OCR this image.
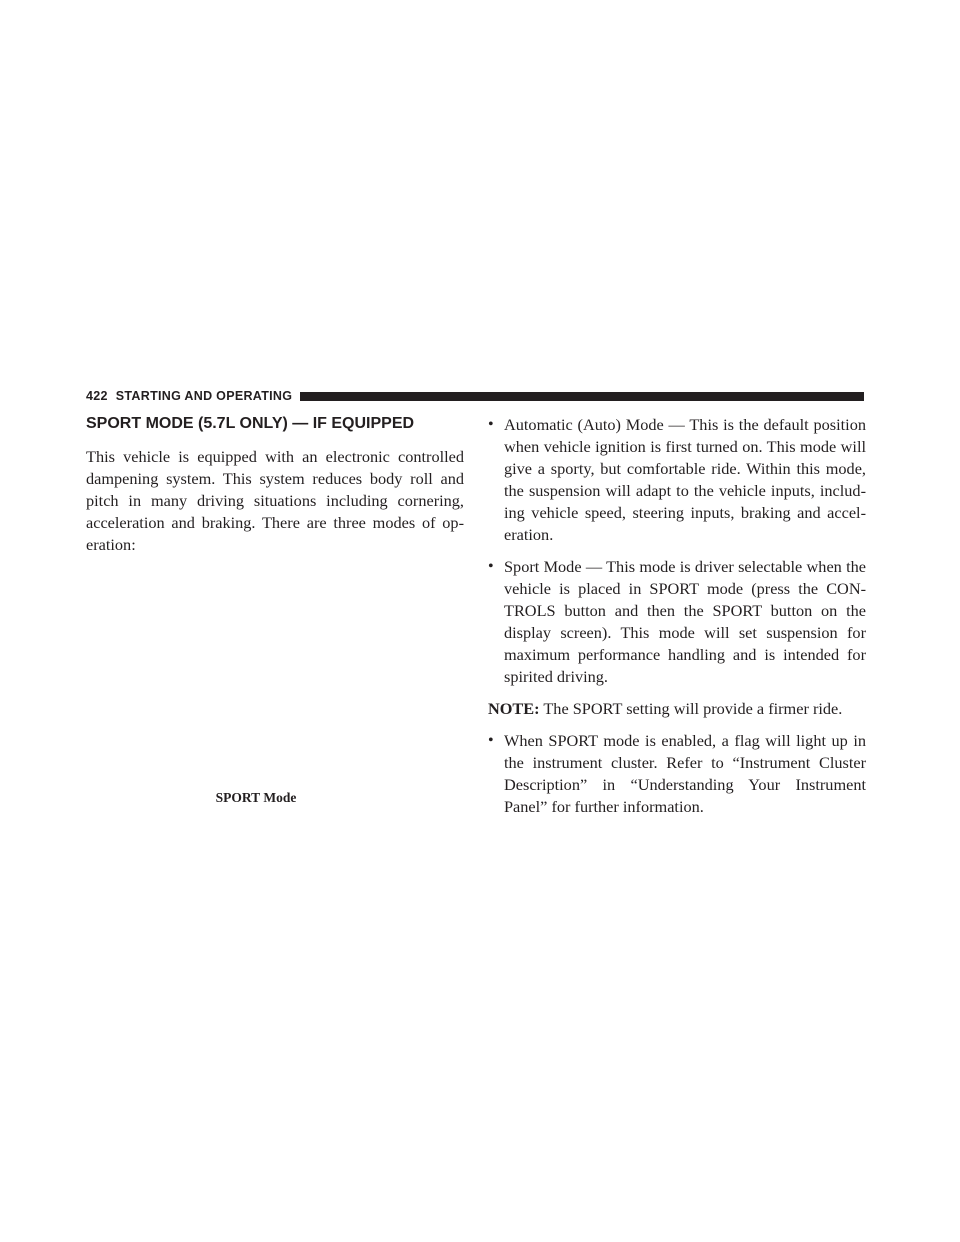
422 STARTING AND OPERATING
SPORT MODE (5.7L ONLY) — IF EQUIPPED

This vehicle is equipped with an electronic controlled dampening system. This system reduces body roll and pitch in many driving situations including cornering, acceleration and braking. There are three modes of op-eration:

SPORT Mode
• Automatic (Auto) Mode — This is the default position when vehicle ignition is first turned on. This mode will give a sporty, but comfortable ride. Within this mode, the suspension will adapt to the vehicle inputs, includ-ing vehicle speed, steering inputs, braking and accel-eration.
• Sport Mode — This mode is driver selectable when the vehicle is placed in SPORT mode (press the CON-TROLS button and then the SPORT button on the display screen). This mode will set suspension for maximum performance handling and is intended for spirited driving.

NOTE: The SPORT setting will provide a firmer ride.

• When SPORT mode is enabled, a flag will light up in the instrument cluster. Refer to “Instrument Cluster Description” in “Understanding Your Instrument Panel” for further information.
